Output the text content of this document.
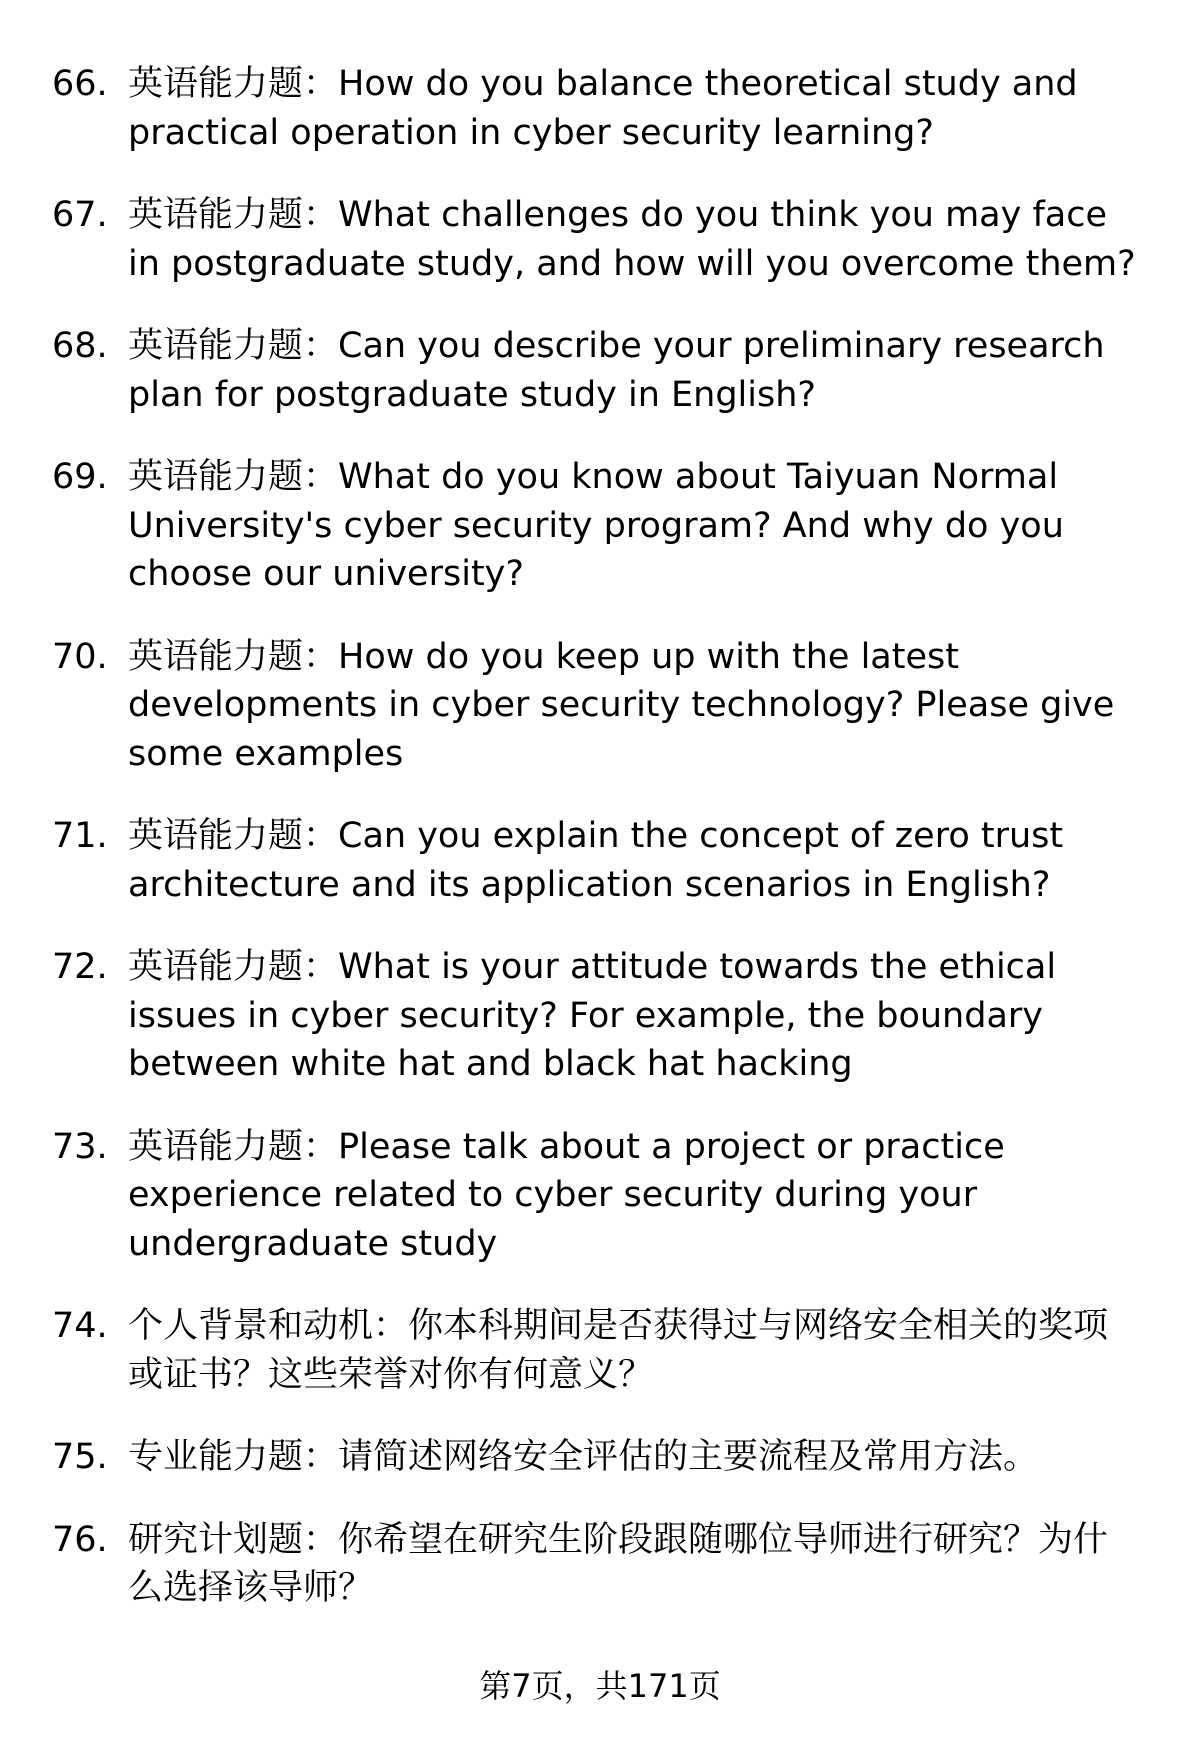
66. 英语能力题：How do you balance theoretical study and practical operation in cyber security learning?
67. 英语能力题：What challenges do you think you may face in postgraduate study, and how will you overcome them?
68. 英语能力题：Can you describe your preliminary research plan for postgraduate study in English?
69. 英语能力题：What do you know about Taiyuan Normal University's cyber security program? And why do you choose our university?
70. 英语能力题：How do you keep up with the latest developments in cyber security technology? Please give some examples
71. 英语能力题：Can you explain the concept of zero trust architecture and its application scenarios in English?
72. 英语能力题：What is your attitude towards the ethical issues in cyber security? For example, the boundary between white hat and black hat hacking
73. 英语能力题：Please talk about a project or practice experience related to cyber security during your undergraduate study
74. 个人背景和动机：你本科期间是否获得过与网络安全相关的奖项或证书？这些荣誉对你有何意义？
75. 专业能力题：请简述网络安全评估的主要流程及常用方法。
76. 研究计划题：你希望在研究生阶段跟随哪位导师进行研究？为什么选择该导师？
第7页，共171页
